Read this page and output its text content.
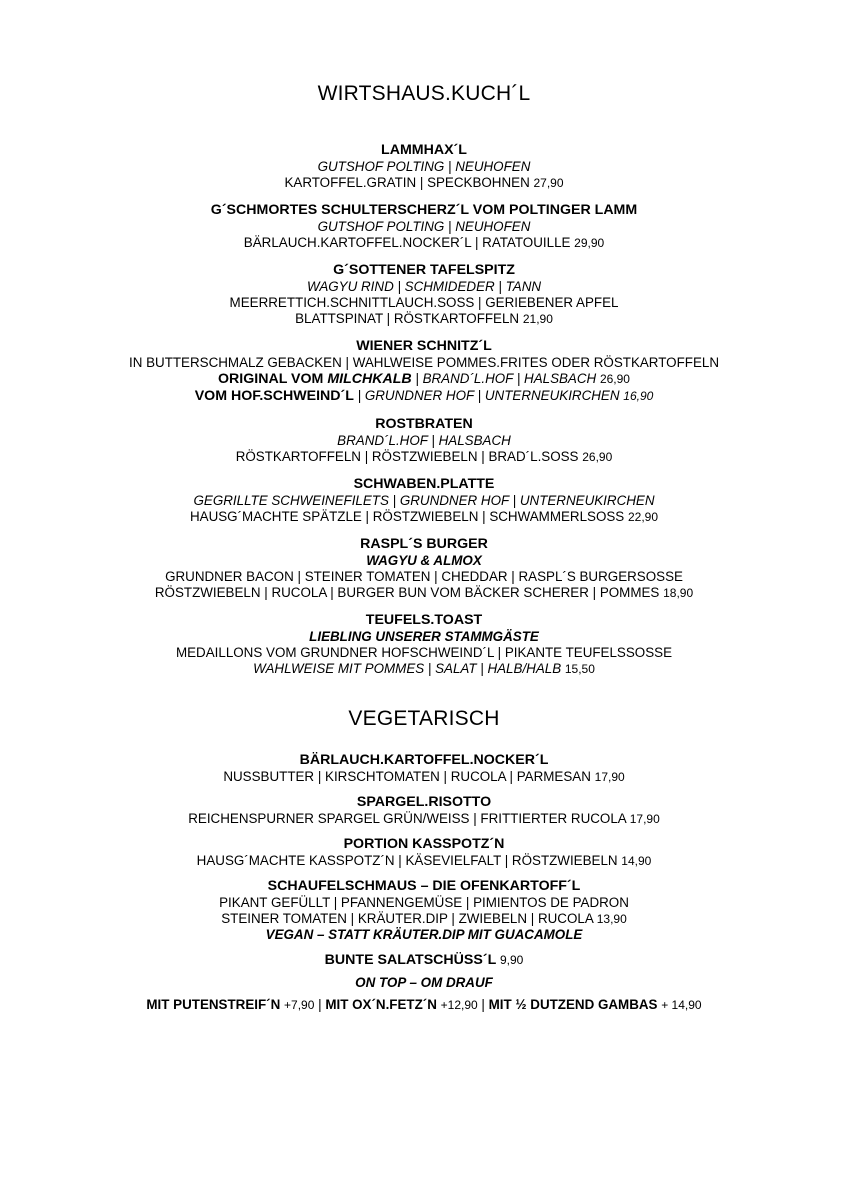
WIRTSHAUS.KUCH´L
LAMMHAX´L
GUTSHOF POLTING | NEUHOFEN
KARTOFFEL.GRATIN | SPECKBOHNEN 27,90
G´SCHMORTES SCHULTERSCHERZ´L VOM POLTINGER LAMM
GUTSHOF POLTING | NEUHOFEN
BÄRLAUCH.KARTOFFEL.NOCKER´L | RATATOUILLE 29,90
G´SOTTENER TAFELSPITZ
WAGYU RIND | SCHMIDEDER | TANN
MEERRETTICH.SCHNITTLAUCH.SOSS | GERIEBENER APFEL
BLATTSPINAT | RÖSTKARTOFFELN 21,90
WIENER SCHNITZ´L
IN BUTTERSCHMALZ GEBACKEN | WAHLWEISE POMMES.FRITES ODER RÖSTKARTOFFELN
ORIGINAL VOM MILCHKALB | BRAND´L.HOF | HALSBACH 26,90
VOM HOF.SCHWEIND´L | GRUNDNER HOF | UNTERNEUKIRCHEN 16,90
ROSTBRATEN
BRAND´L.HOF | HALSBACH
RÖSTKARTOFFELN | RÖSTZWIEBELN | BRAD´L.SOSS 26,90
SCHWABEN.PLATTE
GEGRILLTE SCHWEINEFILETS | GRUNDNER HOF | UNTERNEUKIRCHEN
HAUSG´MACHTE SPÄTZLE | RÖSTZWIEBELN | SCHWAMMERLSOSS 22,90
RASPL´S BURGER
WAGYU & ALMOX
GRUNDNER BACON | STEINER TOMATEN | CHEDDAR | RASPL´S BURGERSOSSE
RÖSTZWIEBELN | RUCOLA | BURGER BUN VOM BÄCKER SCHERER | POMMES 18,90
TEUFELS.TOAST
LIEBLING UNSERER STAMMGÄSTE
MEDAILLONS VOM GRUNDNER HOFSCHWEIND´L | PIKANTE TEUFELSSOSSE
WAHLWEISE MIT POMMES | SALAT | HALB/HALB 15,50
VEGETARISCH
BÄRLAUCH.KARTOFFEL.NOCKER´L
NUSSBUTTER | KIRSCHTOMATEN | RUCOLA | PARMESAN 17,90
SPARGEL.RISOTTO
REICHENSPURNER SPARGEL GRÜN/WEISS | FRITTIERTER RUCOLA 17,90
PORTION KASSPOTZ´N
HAUSG´MACHTE KASSPOTZ´N | KÄSEVIELFALT | RÖSTZWIEBELN 14,90
SCHAUFELSCHMAUS – DIE OFENKARTOFF´L
PIKANT GEFÜLLT | PFANNENGEMÜSE | PIMIENTOS DE PADRON
STEINER TOMATEN | KRÄUTER.DIP | ZWIEBELN | RUCOLA 13,90
VEGAN – STATT KRÄUTER.DIP MIT GUACAMOLE
BUNTE SALATSCHÜSS´L 9,90
ON TOP – OM DRAUF
MIT PUTENSTREIF´N +7,90 | MIT OX´N.FETZ´N +12,90 | MIT ½ DUTZEND GAMBAS + 14,90
